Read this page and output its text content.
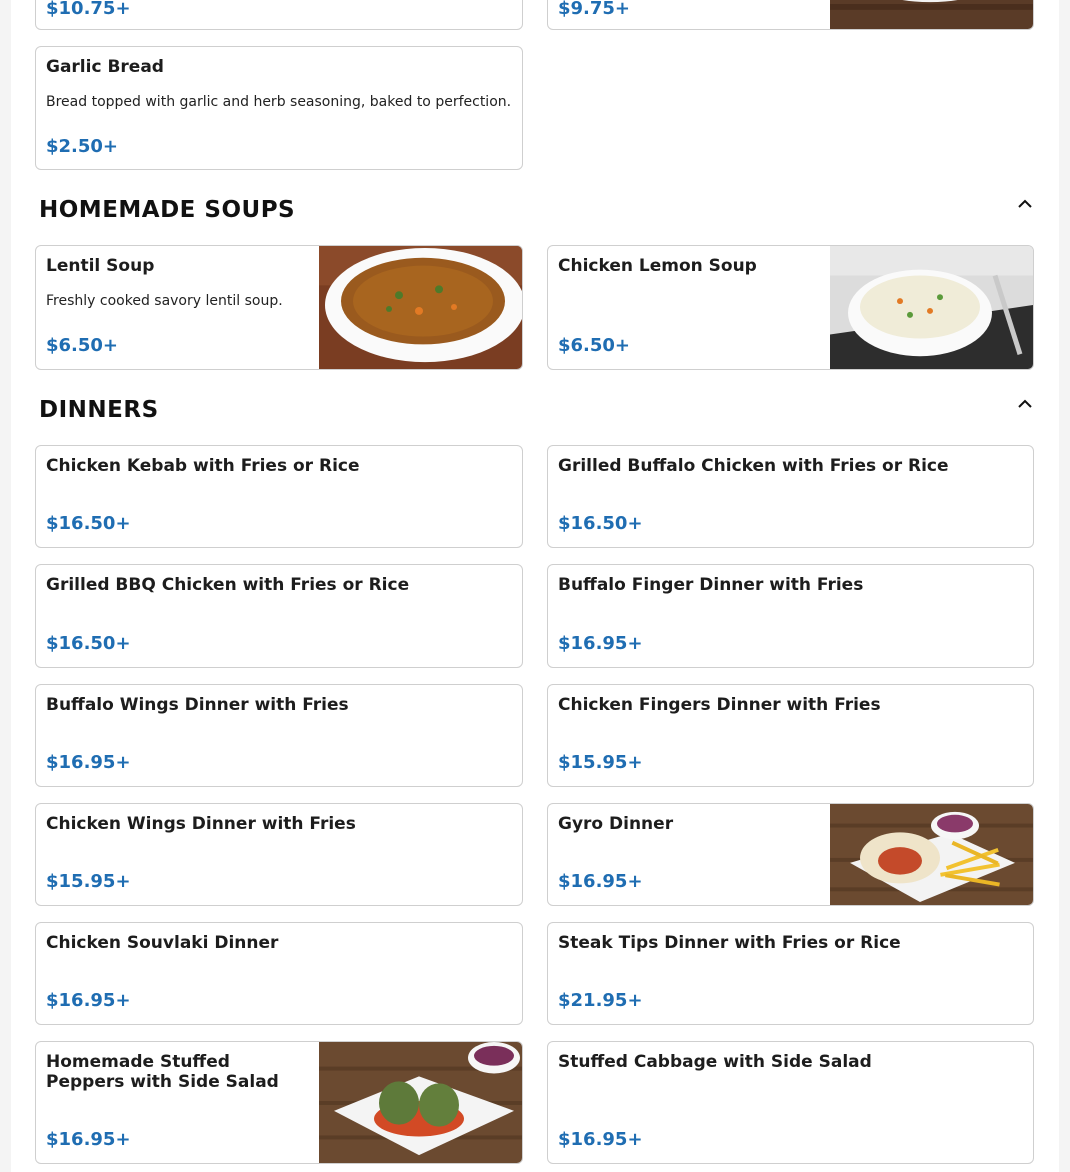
$10.75+	$9.75+
Garlic Bread
Bread topped with garlic and herb seasoning, baked to perfection.
$2.50+
HOMEMADE SOUPS
Lentil Soup
Freshly cooked savory lentil soup.
$6.50+
Chicken Lemon Soup
$6.50+
DINNERS
Chicken Kebab with Fries or Rice
$16.50+
Grilled Buffalo Chicken with Fries or Rice
$16.50+
Grilled BBQ Chicken with Fries or Rice
$16.50+
Buffalo Finger Dinner with Fries
$16.95+
Buffalo Wings Dinner with Fries
$16.95+
Chicken Fingers Dinner with Fries
$15.95+
Chicken Wings Dinner with Fries
$15.95+
Gyro Dinner
$16.95+
Chicken Souvlaki Dinner
$16.95+
Steak Tips Dinner with Fries or Rice
$21.95+
Homemade Stuffed Peppers with Side Salad
$16.95+
Stuffed Cabbage with Side Salad
$16.95+
